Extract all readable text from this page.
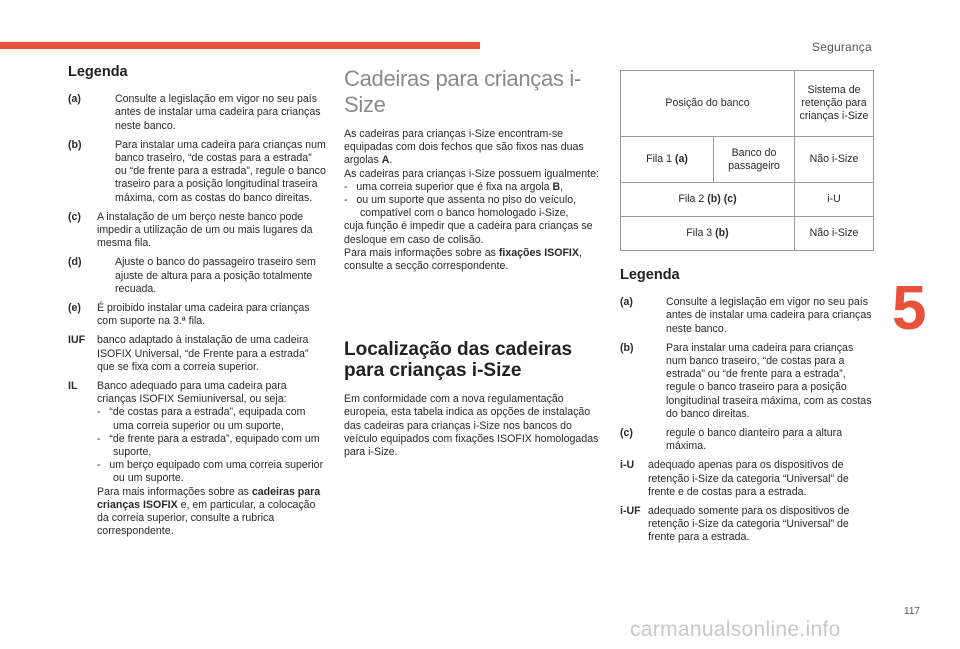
Segurança
5
117
carmanualsonline.info
Legenda
(a)	Consulte a legislação em vigor no seu país antes de instalar uma cadeira para crianças neste banco.
(b)	Para instalar uma cadeira para crianças num banco traseiro, “de costas para a estrada” ou “de frente para a estrada”, regule o banco traseiro para a posição longitudinal traseira máxima, com as costas do banco direitas.
(c)	A instalação de um berço neste banco pode impedir a utilização de um ou mais lugares da mesma fila.
(d)	Ajuste o banco do passageiro traseiro sem ajuste de altura para a posição totalmente recuada.
(e)	É proibido instalar uma cadeira para crianças com suporte na 3.ª fila.
IUF	banco adaptado à instalação de uma cadeira ISOFIX Universal, “de Frente para a estrada” que se fixa com a correia superior.
IL	Banco adequado para uma cadeira para crianças ISOFIX Semiuniversal, ou seja:
-   “de costas para a estrada”, equipada com uma correia superior ou um suporte,
-   “de frente para a estrada”, equipado com um suporte,
-   um berço equipado com uma correia superior ou um suporte.
Para mais informações sobre as cadeiras para crianças ISOFIX e, em particular, a colocação da correia superior, consulte a rubrica correspondente.
Cadeiras para crianças i-Size

As cadeiras para crianças i-Size encontram-se equipadas com dois fechos que são fixos nas duas argolas A.

As cadeiras para crianças i-Size possuem igualmente:

-   uma correia superior que é fixa na argola B,
-   ou um suporte que assenta no piso do veículo, compatível com o banco homologado i-Size,

cuja função é impedir que a cadeira para crianças se desloque em caso de colisão.

Para mais informações sobre as fixações ISOFIX, consulte a secção correspondente.

Localização das cadeiras
para crianças i-Size

Em conformidade com a nova regulamentação europeia, esta tabela indica as opções de instalação das cadeiras para crianças i-Size nos bancos do veículo equipados com fixações ISOFIX homologadas para i-Size.

Posição do banco		Sistema de retenção para crianças i-Size
Fila 1 (a)	Banco do passageiro	Não i-Size
Fila 2 (b) (c)		i-U
Fila 3 (b)		Não i-Size
Legenda
(a)	Consulte a legislação em vigor no seu país antes de instalar uma cadeira para crianças neste banco.
(b)	Para instalar uma cadeira para crianças num banco traseiro, “de costas para a estrada” ou “de frente para a estrada”, regule o banco traseiro para a posição longitudinal traseira máxima, com as costas do banco direitas.
(c)	regule o banco dianteiro para a altura máxima.
i-U	adequado apenas para os dispositivos de retenção i-Size da categoria “Universal” de frente e de costas para a estrada.
i-UF adequado somente para os dispositivos de retenção i-Size da categoria “Universal” de frente para a estrada.
